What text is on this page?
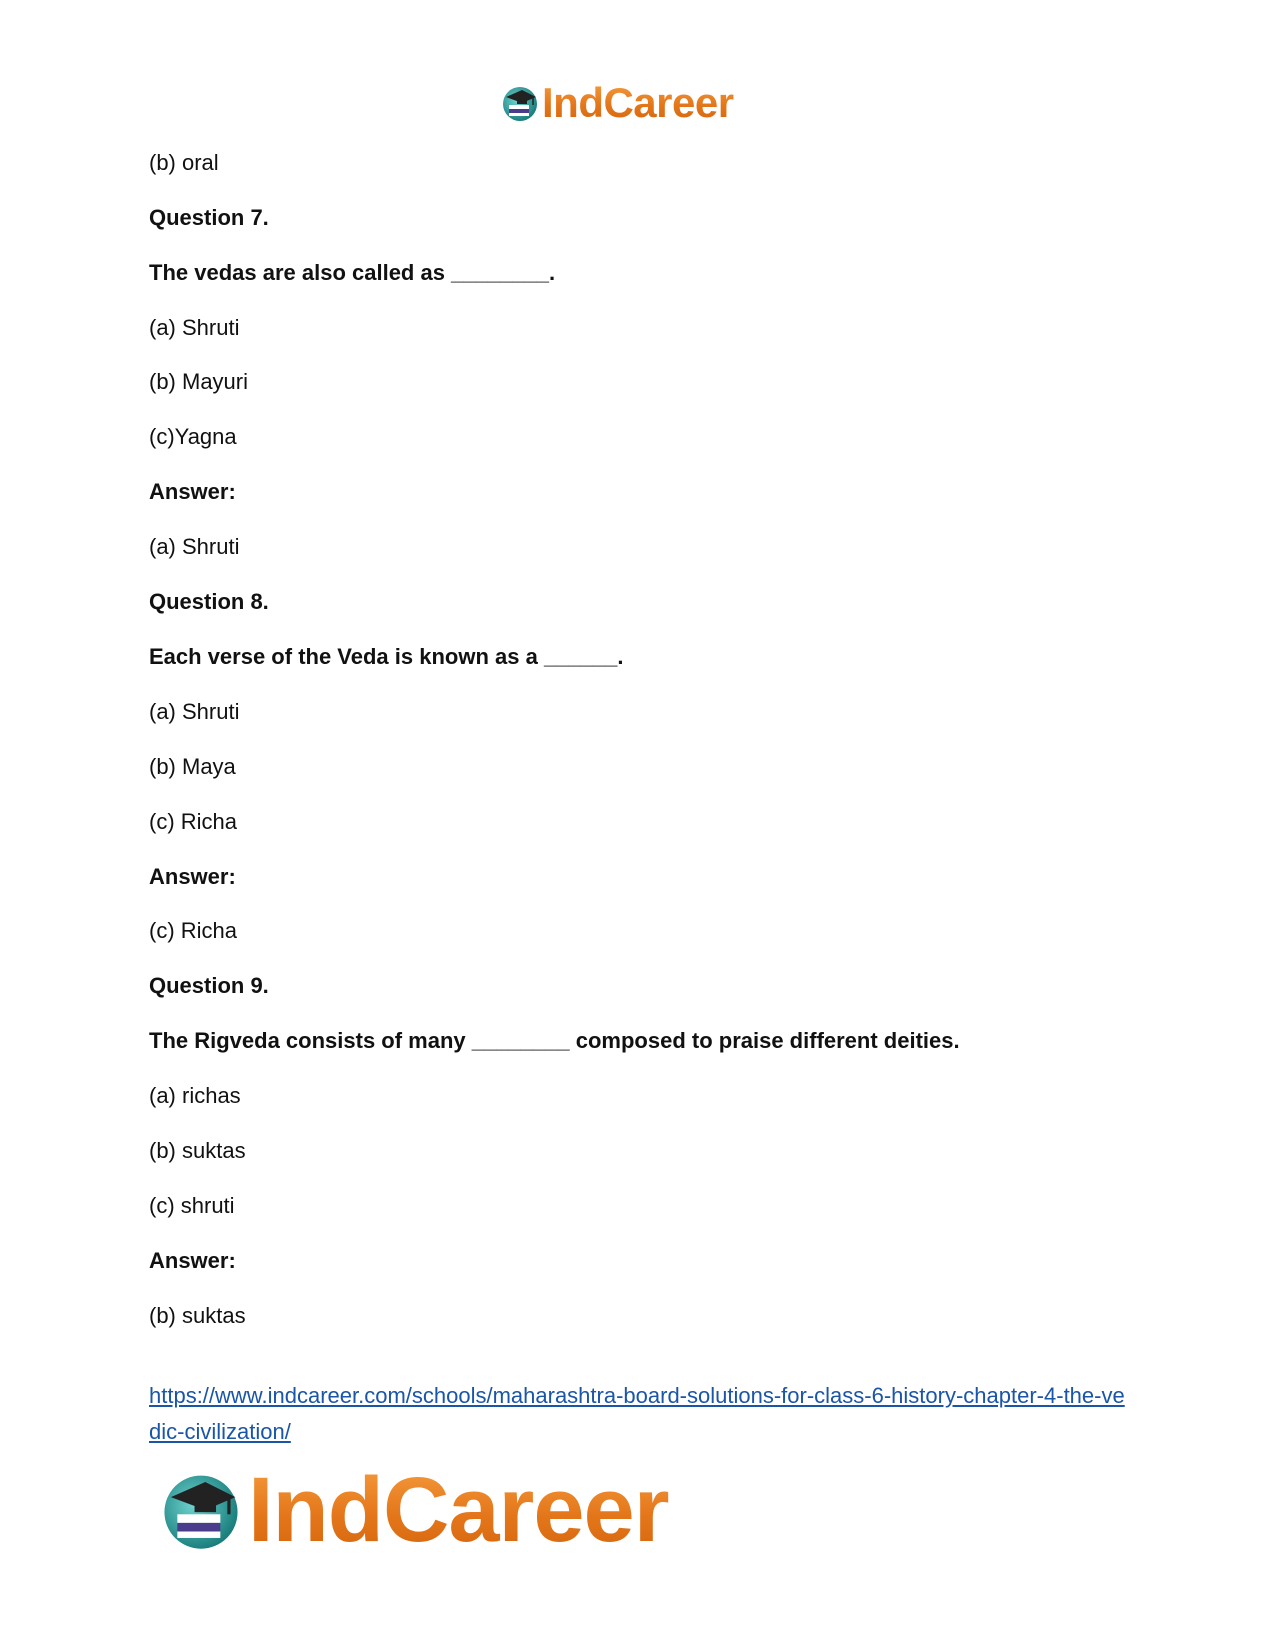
IndCareer
(b) oral
Question 7.
The vedas are also called as ________.
(a) Shruti
(b) Mayuri
(c)Yagna
Answer:
(a) Shruti
Question 8.
Each verse of the Veda is known as a ______.
(a) Shruti
(b) Maya
(c) Richa
Answer:
(c) Richa
Question 9.
The Rigveda consists of many ________ composed to praise different deities.
(a) richas
(b) suktas
(c) shruti
Answer:
(b) suktas
https://www.indcareer.com/schools/maharashtra-board-solutions-for-class-6-history-chapter-4-the-vedic-civilization/
IndCareer
